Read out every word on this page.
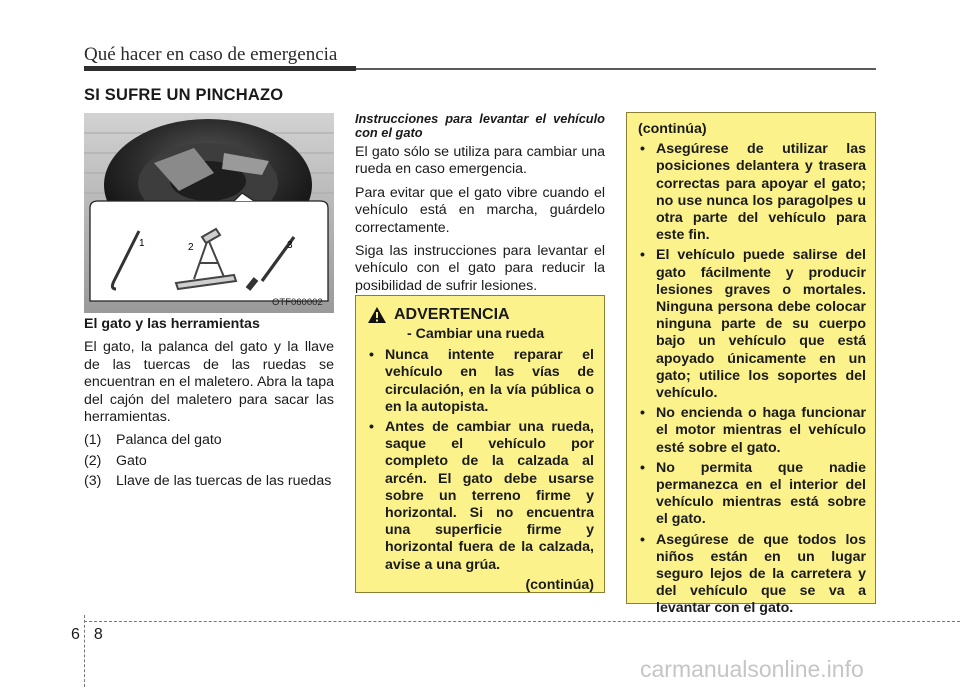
Qué hacer en caso de emergencia
SI SUFRE UN PINCHAZO
1	2	3
OTF060002

El gato y las herramientas

El gato, la palanca del gato y la llave de las tuercas de las ruedas se encuentran en el maletero. Abra la tapa del cajón del maletero para sacar las herramientas.

(1) Palanca del gato
(2) Gato
(3) Llave de las tuercas de las ruedas

Instrucciones para levantar el vehículo con el gato

El gato sólo se utiliza para cambiar una rueda en caso emergencia.

Para evitar que el gato vibre cuando el vehículo está en marcha, guárdelo correctamente.

Siga las instrucciones para levantar el vehículo con el gato para reducir la posibilidad de sufrir lesiones.

ADVERTENCIA
- Cambiar una rueda
• Nunca intente reparar el vehículo en las vías de circulación, en la vía pública o en la autopista.
• Antes de cambiar una rueda, saque el vehículo por completo de la calzada al arcén. El gato debe usarse sobre un terreno firme y horizontal. Si no encuentra una superficie firme y horizontal fuera de la calzada, avise a una grúa.
(continúa)
(continúa)
• Asegúrese de utilizar las posiciones delantera y trasera correctas para apoyar el gato; no use nunca los paragolpes u otra parte del vehículo para este fin.
• El vehículo puede salirse del gato fácilmente y producir lesiones graves o mortales. Ninguna persona debe colocar ninguna parte de su cuerpo bajo un vehículo que está apoyado únicamente en un gato; utilice los soportes del vehículo.
• No encienda o haga funcionar el motor mientras el vehículo esté sobre el gato.
• No permita que nadie permanezca en el interior del vehículo mientras está sobre el gato.
• Asegúrese de que todos los niños están en un lugar seguro lejos de la carretera y del vehículo que se va a levantar con el gato.
6 8
carmanualsonline.info
